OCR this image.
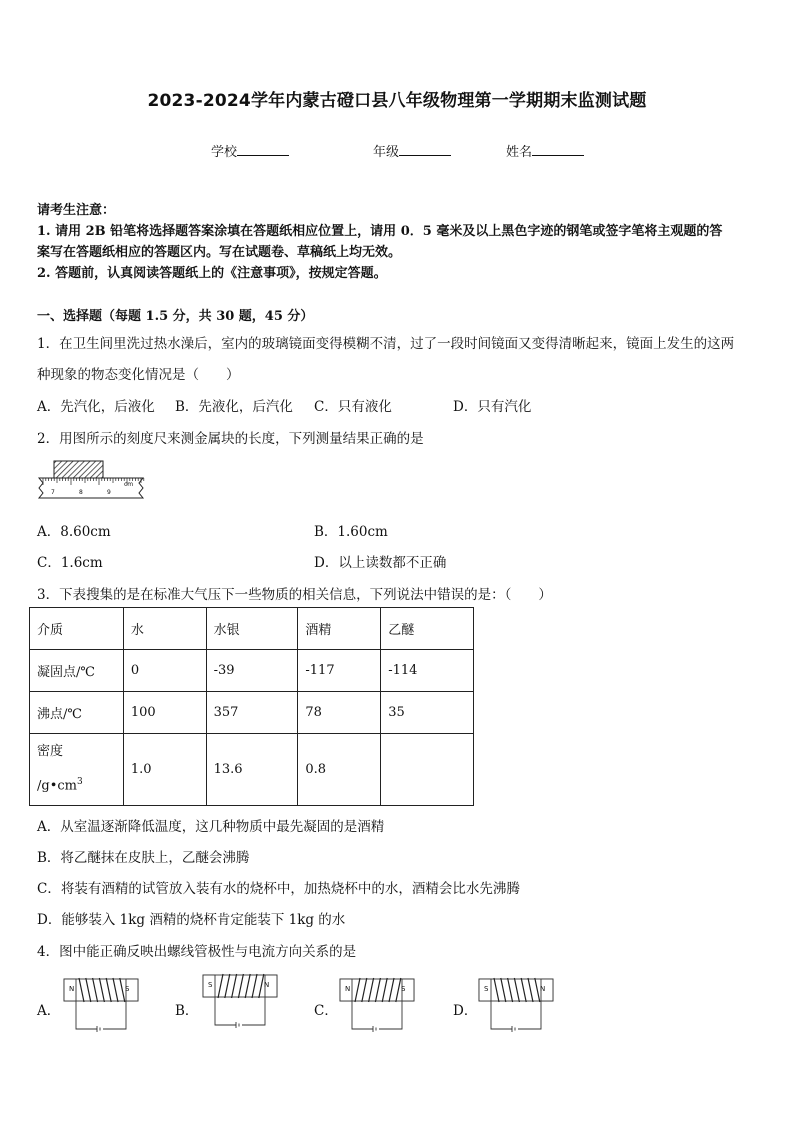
2023-2024学年内蒙古磴口县八年级物理第一学期期末监测试题
学校	年级	姓名
请考生注意：
1. 请用 2B 铅笔将选择题答案涂填在答题纸相应位置上，请用 0．5 毫米及以上黑色字迹的钢笔或签字笔将主观题的答
案写在答题纸相应的答题区内。写在试题卷、草稿纸上均无效。
2. 答题前，认真阅读答题纸上的《注意事项》，按规定答题。
一、选择题（每题 1.5 分，共 30 题，45 分）
1．在卫生间里洗过热水澡后，室内的玻璃镜面变得模糊不清，过了一段时间镜面又变得清晰起来，镜面上发生的这两
种现象的物态变化情况是（　　）
A．先汽化，后液化 B．先液化，后汽化 C．只有液化	D．只有汽化
2．用图所示的刻度尺来测金属块的长度，下列测量结果正确的是
7	8	9
cm
A．8.60cm	B．1.60cm
C．1.6cm	D．以上读数都不正确
3．下表搜集的是在标准大气压下一些物质的相关信息，下列说法中错误的是：（　　）
介质	水	水银	酒精	乙醚
凝固点/℃	0	-39	-117	-114
沸点/℃	100	357	78	35

密度
$/g•cm^3$	1.0	13.6	0.8	
A．从室温逐渐降低温度，这几种物质中最先凝固的是酒精
B．将乙醚抹在皮肤上，乙醚会沸腾
C．将装有酒精的试管放入装有水的烧杯中，加热烧杯中的水，酒精会比水先沸腾
D．能够装入 1kg 酒精的烧杯肯定能装下 1kg 的水
4．图中能正确反映出螺线管极性与电流方向关系的是
A．	B．	C．	D．
N	S	S	N	N	S	S	N
